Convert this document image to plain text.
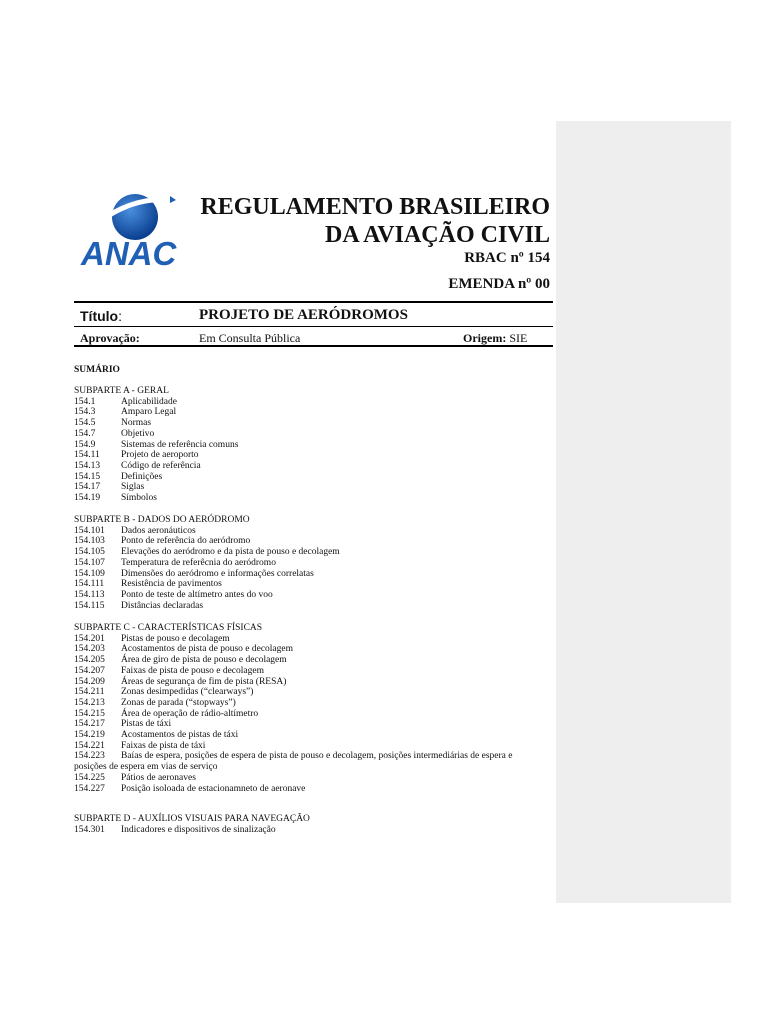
ANAC
REGULAMENTO BRASILEIRO
DA AVIAÇÃO CIVIL
RBAC nº 154
EMENDA nº 00
Título:	PROJETO DE AERÓDROMOS
Aprovação:	Em Consulta Pública	Origem: SIE
SUMÁRIO
SUBPARTE A - GERAL
154.1	Aplicabilidade
154.3	Amparo Legal
154.5	Normas
154.7	Objetivo
154.9	Sistemas de referência comuns
154.11	Projeto de aeroporto
154.13	Código de referência
154.15	Definições
154.17	Siglas
154.19	Símbolos
SUBPARTE B - DADOS DO AERÓDROMO
154.101	Dados aeronáuticos
154.103	Ponto de referência do aeródromo
154.105	Elevações do aeródromo e da pista de pouso e decolagem
154.107	Temperatura de referêcnia do aeródromo
154.109	Dimensões do aeródromo e informações correlatas
154.111	Resistência de pavimentos
154.113	Ponto de teste de altímetro antes do voo
154.115	Distâncias declaradas
SUBPARTE C - CARACTERÍSTICAS FÍSICAS
154.201	Pistas de pouso e decolagem
154.203	Acostamentos de pista de pouso e decolagem
154.205	Área de giro de pista de pouso e decolagem
154.207	Faixas de pista de pouso e decolagem
154.209	Áreas de segurança de fim de pista (RESA)
154.211	Zonas desimpedidas (“clearways”)
154.213	Zonas de parada (“stopways”)
154.215	Área de operação de rádio-altímetro
154.217	Pistas de táxi
154.219	Acostamentos de pistas de táxi
154.221	Faixas de pista de táxi
154.223 Baías de espera, posições de espera de pista de pouso e decolagem, posições intermediárias de espera e posições de espera em vias de serviço
154.225	Pátios de aeronaves
154.227	Posição isoloada de estacionamneto de aeronave
SUBPARTE D - AUXÍLIOS VISUAIS PARA NAVEGAÇÃO
154.301	Indicadores e dispositivos de sinalização
